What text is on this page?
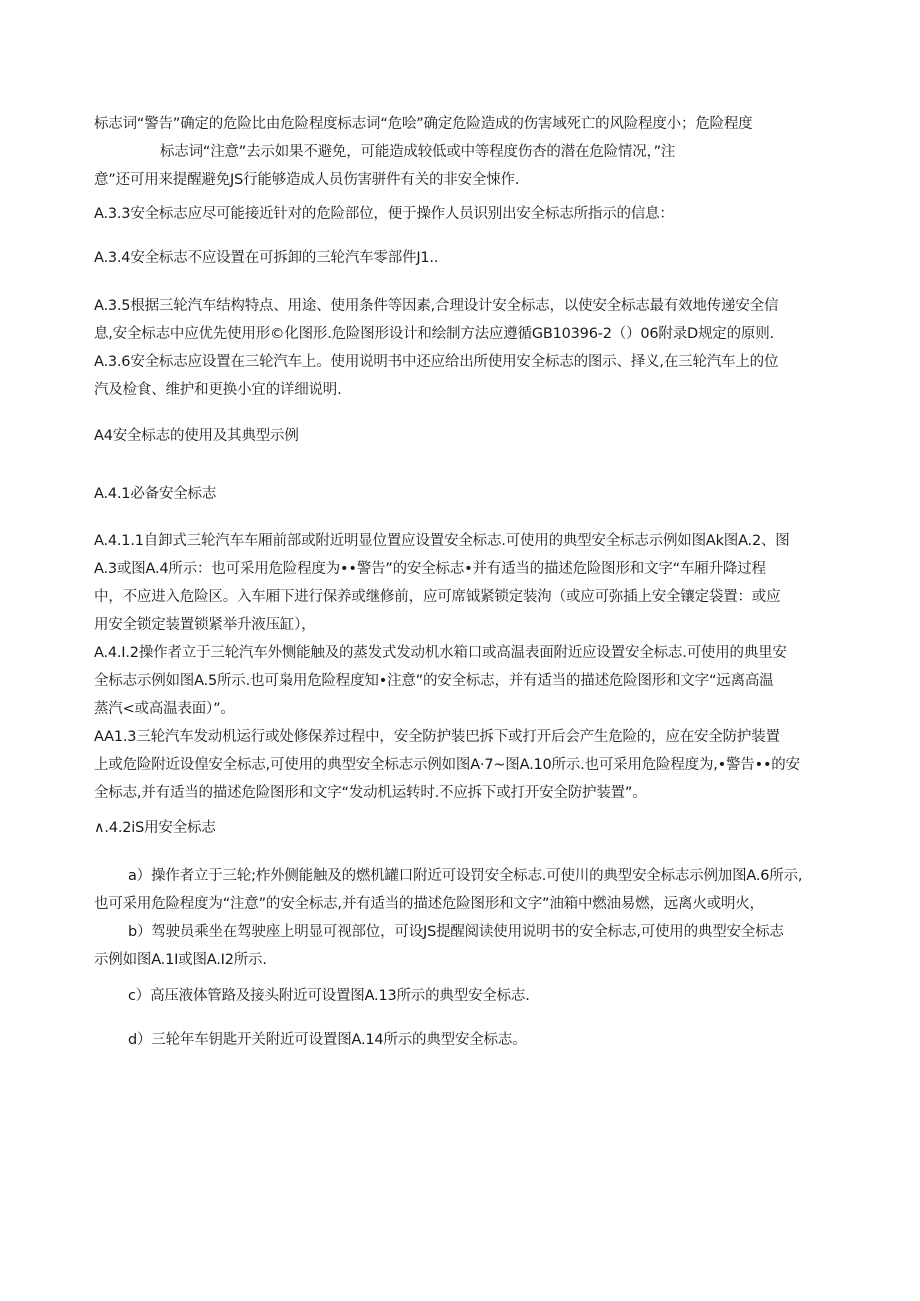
标志词“警告”确定的危险比由危险程度标志词“危哙”确定危险造成的伤害域死亡的风险程度小；危险程度
标志词“注意”去示如果不避免，可能造成较低或中等程度伤杏的潜在危险情况，”注
意”还可用来提醒避免JS行能够造成人员伤害骈件有关的非安全悚作.
A.3.3安全标志应尽可能接近针对的危险部位，便于操作人员识别出安全标志所指示的信息：
A.3.4安全标志不应设置在可拆卸的三轮汽车零部件J1..
A.3.5根据三轮汽车结构特点、用途、使用条件等因素,合理设计安全标志，以使安全标志最有效地传递安全信
息,安全标志中应优先使用形©化图形.危险图形设计和绘制方法应遵循GB10396-2（）06附录D规定的原则.
A.3.6安全标志应设置在三轮汽车上。使用说明书中还应给出所使用安全标志的图示、择义,在三轮汽车上的位
汽及检食、维护和更换小宜的详细说明.
A4安全标志的使用及其典型示例
A.4.1必备安全标志
A.4.1.1自卸式三轮汽车车厢前部或附近明显位置应设置安全标志.可使用的典型安全标志示例如图Ak图A.2、图
A.3或图A.4所示：也可采用危险程度为••警告”的安全标志•并有适当的描述危险图形和文字“车厢升降过程
中，不应进入危险区。入车厢下进行保养或继修前，应可席钺紧锁定装泃（或应可弥插上安全镶定袋置：或应
用安全锁定装置锁紧举升液压缸），
A.4.I.2操作者立于三轮汽车外恻能触及的蒸发式发动机水箱口或高温表面附近应设置安全标志.可使用的典里安
全标志示例如图A.5所示.也可枭用危险程度知•注意”的安全标志，并有适当的描述危险图形和文字“远离高温
蒸汽<或高温表面）”。
AA1.3三轮汽车发动机运行或处修保养过程中，安全防护装巴拆下或打开后会产生危险的，应在安全防护装置
上或危险附近设偟安全标志,可使用的典型安全标志示例如图A·7~图A.10所示.也可采用危险程度为,•警告••的安
全标志,并有适当的描述危险图形和文字“发动机运转时.不应拆下或打开安全防护装置”。
∧.4.2iS用安全标志
a）操作者立于三轮;柞外侧能触及的燃机罐口附近可设罚安全标志.可使川的典型安全标志示例加图A.6所示,
也可采用危险程度为“注意”的安全标志,并有适当的描述危险图形和文字”油箱中燃油易燃，远离火或明火，
b）驾驶员乘坐在驾驶座上明显可视部位，可设JS提醒阅读使用说明书的安全标志,可使用的典型安全标志
示例如图A.1I或图A.I2所示.
c）高压液体管路及接头附近可设置图A.13所示的典型安全标志.
d）三轮年车钥匙开关附近可设置图A.14所示的典型安全标志。
